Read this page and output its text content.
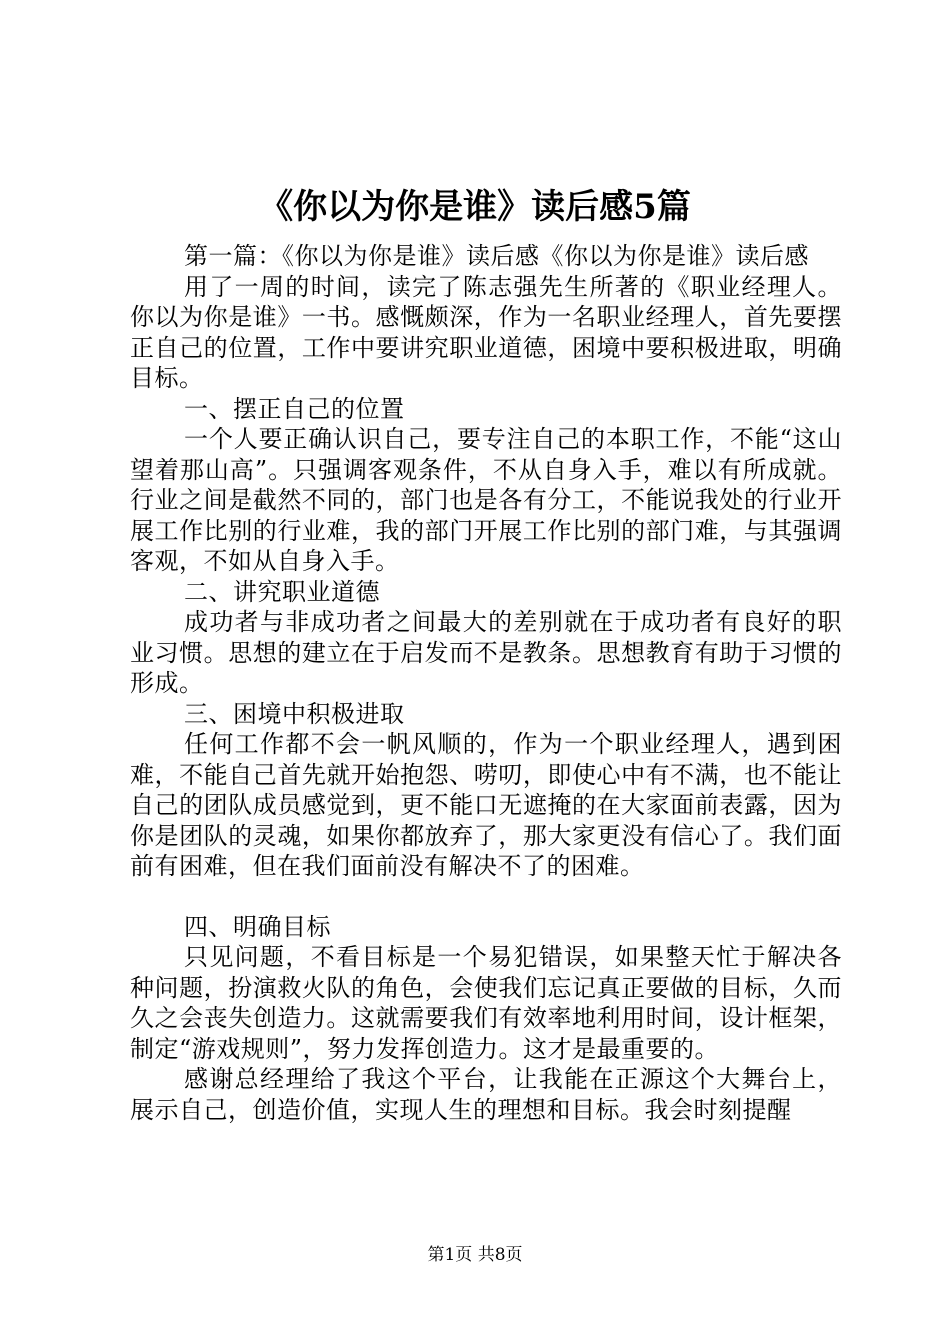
《你以为你是谁》读后感5篇

第一篇：《你以为你是谁》读后感《你以为你是谁》读后感

用了一周的时间，读完了陈志强先生所著的《职业经理人。你以为你是谁》一书。感慨颇深，作为一名职业经理人，首先要摆正自己的位置，工作中要讲究职业道德，困境中要积极进取，明确目标。

一、摆正自己的位置

一个人要正确认识自己，要专注自己的本职工作，不能“这山望着那山高”。只强调客观条件，不从自身入手，难以有所成就。行业之间是截然不同的，部门也是各有分工，不能说我处的行业开展工作比别的行业难，我的部门开展工作比别的部门难，与其强调客观，不如从自身入手。

二、讲究职业道德

成功者与非成功者之间最大的差别就在于成功者有良好的职业习惯。思想的建立在于启发而不是教条。思想教育有助于习惯的形成。

三、困境中积极进取

任何工作都不会一帆风顺的，作为一个职业经理人，遇到困难，不能自己首先就开始抱怨、唠叨，即使心中有不满，也不能让自己的团队成员感觉到，更不能口无遮掩的在大家面前表露，因为你是团队的灵魂，如果你都放弃了，那大家更没有信心了。我们面前有困难，但在我们面前没有解决不了的困难。

四、明确目标

只见问题，不看目标是一个易犯错误，如果整天忙于解决各种问题，扮演救火队的角色，会使我们忘记真正要做的目标，久而久之会丧失创造力。这就需要我们有效率地利用时间，设计框架，制定“游戏规则”，努力发挥创造力。这才是最重要的。

感谢总经理给了我这个平台，让我能在正源这个大舞台上，展示自己，创造价值，实现人生的理想和目标。我会时刻提醒

第1页 共8页
